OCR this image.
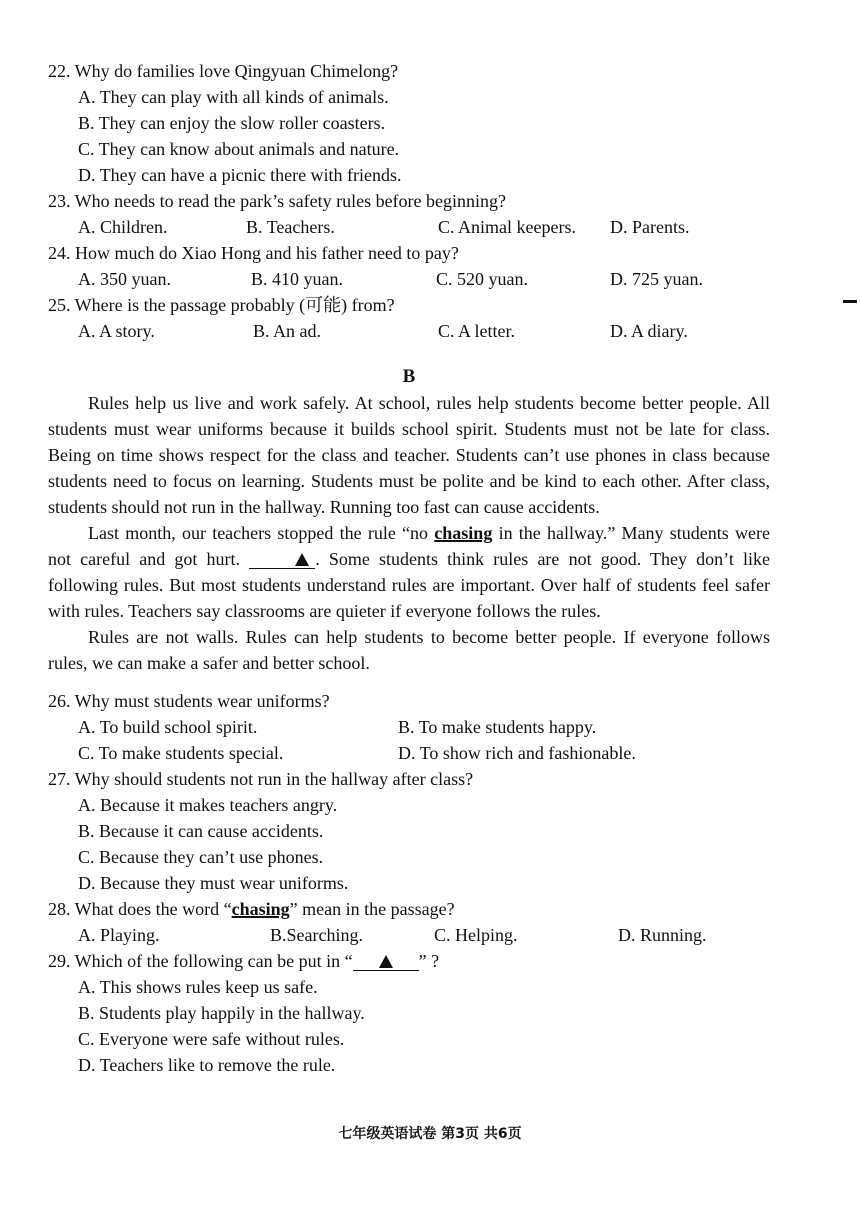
22. Why do families love Qingyuan Chimelong?
A. They can play with all kinds of animals.
B. They can enjoy the slow roller coasters.
C. They can know about animals and nature.
D. They can have a picnic there with friends.
23. Who needs to read the park’s safety rules before beginning?
A. Children.	B. Teachers.	C. Animal keepers. D. Parents.
24. How much do Xiao Hong and his father need to pay?
A. 350 yuan.	B. 410 yuan.	C. 520 yuan.	D. 725 yuan.
25. Where is the passage probably (可能) from?
A. A story.	B. An ad.	C. A letter.	D. A diary.
B

Rules help us live and work safely. At school, rules help students become better people. All students must wear uniforms because it builds school spirit. Students must not be late for class. Being on time shows respect for the class and teacher. Students can’t use phones in class because students need to focus on learning. Students must be polite and be kind to each other. After class, students should not run in the hallway. Running too fast can cause accidents.

Last month, our teachers stopped the rule “no chasing in the hallway.” Many students were not careful and got hurt.	. Some students think rules are not good. They don’t like following rules. But most students understand rules are important. Over half of students feel safer with rules. Teachers say classrooms are quieter if everyone follows the rules.

Rules are not walls. Rules can help students to become better people. If everyone follows rules, we can make a safer and better school.

26. Why must students wear uniforms?
A. To build school spirit.	B. To make students happy.
C. To make students special.	D. To show rich and fashionable.
27. Why should students not run in the hallway after class?
A. Because it makes teachers angry.
B. Because it can cause accidents.
C. Because they can’t use phones.
D. Because they must wear uniforms.
28. What does the word “chasing” mean in the passage?
A. Playing.	B.Searching.	C. Helping.	D. Running.
29. Which of the following can be put in “	” ?
A. This shows rules keep us safe.
B. Students play happily in the hallway.
C. Everyone were safe without rules.
D. Teachers like to remove the rule.
七年级英语试卷 第3页 共6页
